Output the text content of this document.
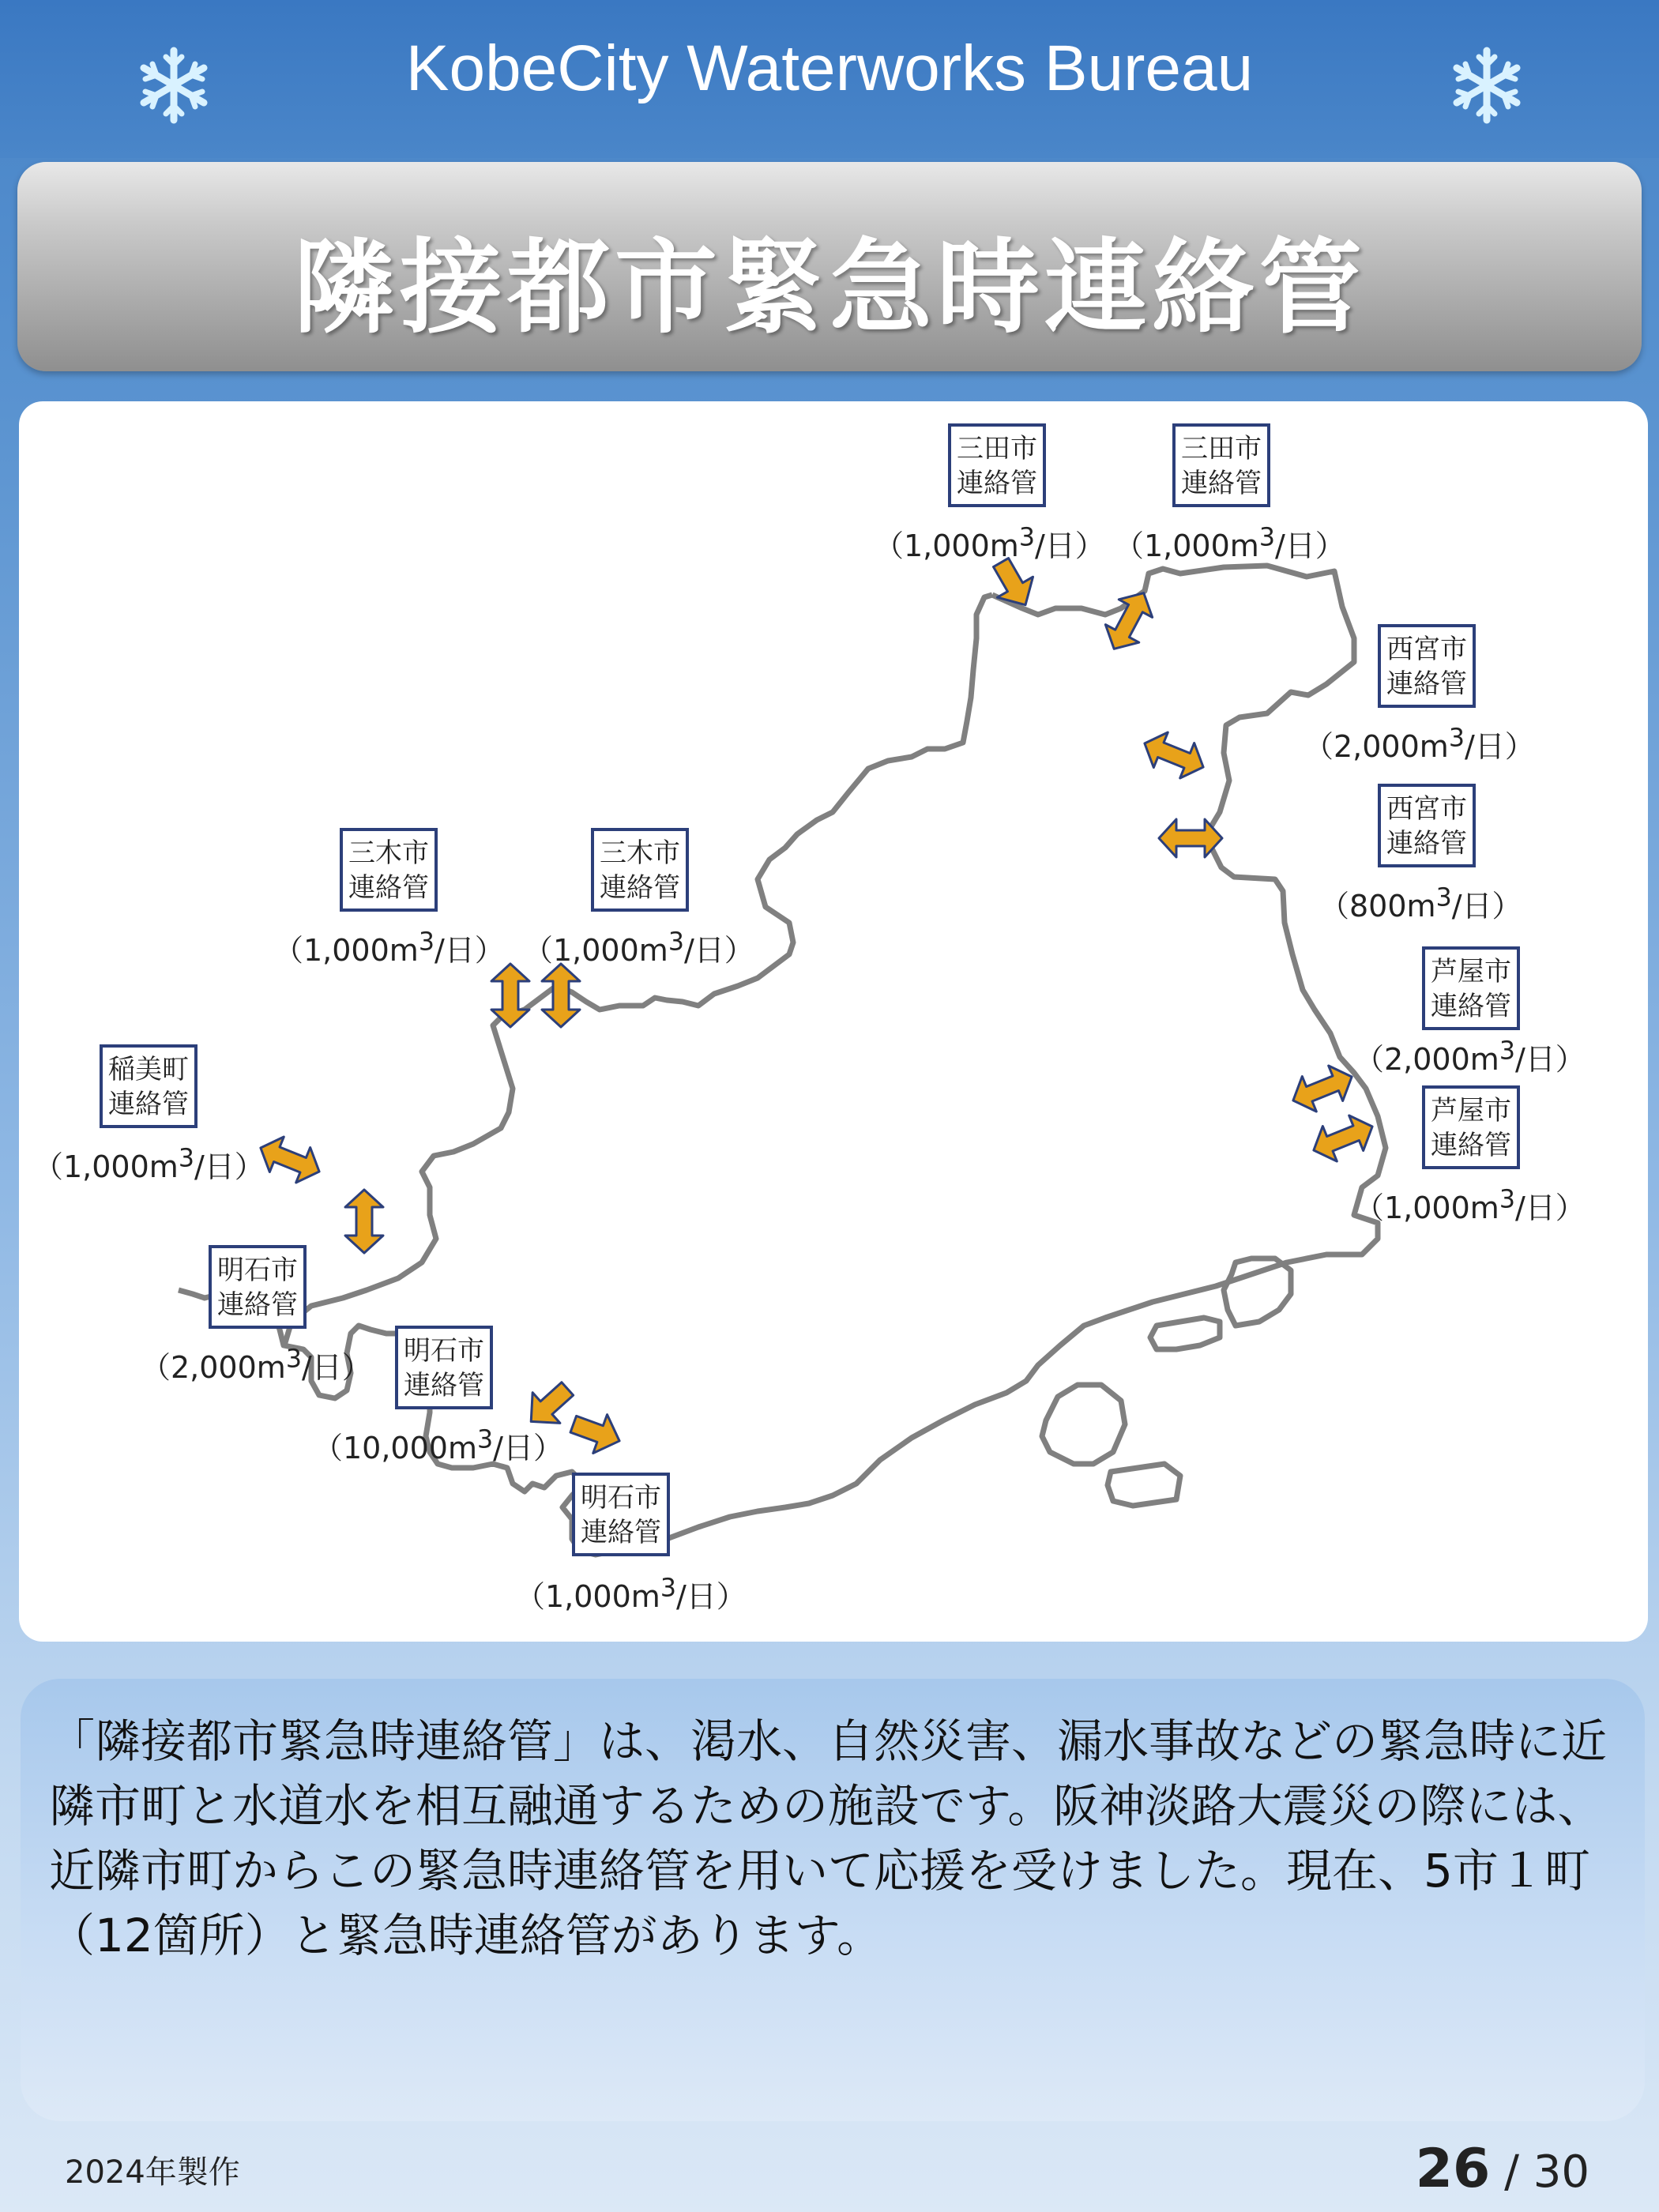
KobeCity Waterworks Bureau
隣接都市緊急時連絡管
三田市
連絡管
（$1,000m^3/$日）
三田市
連絡管
（$1,000m^3/$日）
西宮市
連絡管
（$2,000m^3/$日）
西宮市
連絡管
（$800m^3/$日）
芦屋市
連絡管
（$2,000m^3/$日）
芦屋市
連絡管
（$1,000m^3/$日）
三木市
連絡管
（$1,000m^3/$日）
三木市
連絡管
（$1,000m^3/$日）
稲美町
連絡管
（$1,000m^3/$日）
明石市
連絡管
（$2,000m^3/$日） 明石市
連絡管
（$10,000m^3/$日）
明石市
連絡管
（$1,000m^3/$日）
「隣接都市緊急時連絡管」は、渇水、自然災害、漏水事故などの緊急時に近隣市町と水道水を相互融通するための施設です。阪神淡路大震災の際には、近隣市町からこの緊急時連絡管を用いて応援を受けました。現在、5市１町（12箇所）と緊急時連絡管があります。
2024年製作	26 / 30
